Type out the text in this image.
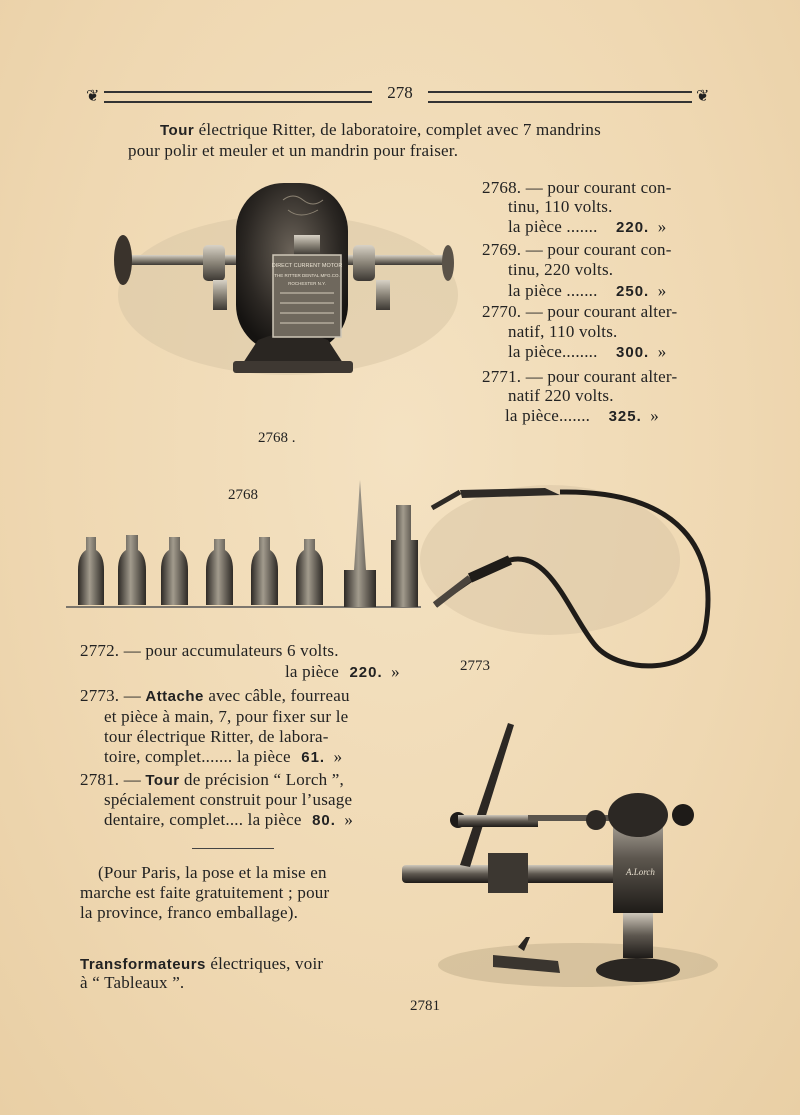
❦	278	❦
Tour électrique Ritter, de laboratoire, complet avec 7 mandrins
pour polir et meuler et un mandrin pour fraiser.
DIRECT CURRENT MOTOR
THE RITTER DENTAL MFG.CO.
ROCHESTER N.Y.
2768 .
2768. — pour courant con-
tinu, 110 volts.
la pièce ....... 220. »
2769. — pour courant con-
tinu, 220 volts.
la pièce ....... 250. »
2770. — pour courant alter-
natif, 110 volts.
la pièce........ 300. »
2771. — pour courant alter-
natif 220 volts.
la pièce....... 325. »
2768
2773
2772. — pour accumulateurs 6 volts.
la pièce 220. »
2773. — Attache avec câble, fourreau
et pièce à main, 7, pour fixer sur le
tour électrique Ritter, de labora-
toire, complet....... la pièce 61. »
2781. — Tour de précision “ Lorch ”,
spécialement construit pour l’usage
dentaire, complet.... la pièce 80. »
(Pour Paris, la pose et la mise en
marche est faite gratuitement ; pour
la province, franco emballage).
Transformateurs électriques, voir
à “ Tableaux ”.
A.Lorch
2781
